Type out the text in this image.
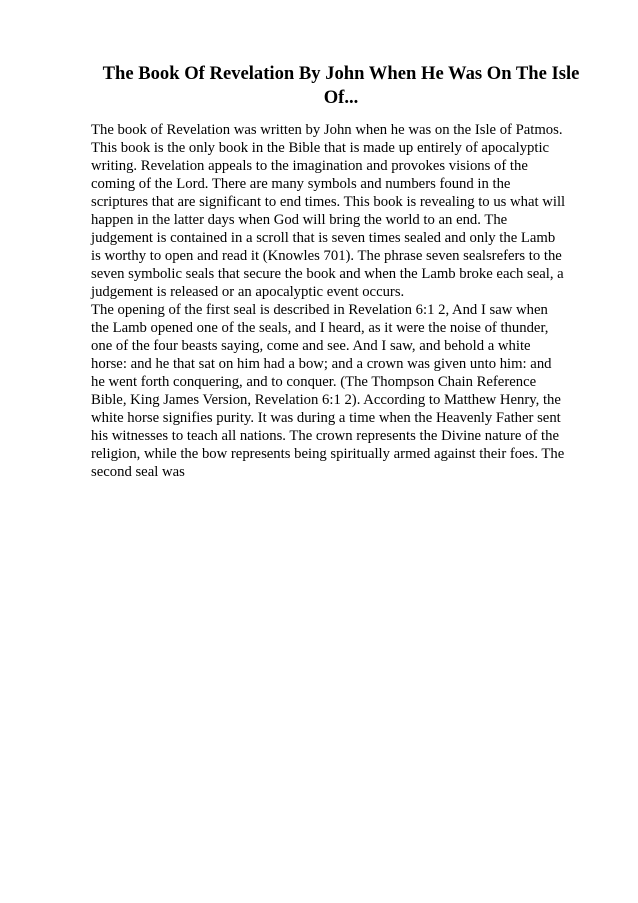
The Book Of Revelation By John When He Was On The Isle Of...

The book of Revelation was written by John when he was on the Isle of Patmos. This book is the only book in the Bible that is made up entirely of apocalyptic writing. Revelation appeals to the imagination and provokes visions of the coming of the Lord. There are many symbols and numbers found in the scriptures that are significant to end times. This book is revealing to us what will happen in the latter days when God will bring the world to an end. The judgement is contained in a scroll that is seven times sealed and only the Lamb is worthy to open and read it (Knowles 701). The phrase seven sealsrefers to the seven symbolic seals that secure the book and when the Lamb broke each seal, a judgement is released or an apocalyptic event occurs.

The opening of the first seal is described in Revelation 6:1 2, And I saw when the Lamb opened one of the seals, and I heard, as it were the noise of thunder, one of the four beasts saying, come and see. And I saw, and behold a white horse: and he that sat on him had a bow; and a crown was given unto him: and he went forth conquering, and to conquer. (The Thompson Chain Reference Bible, King James Version, Revelation 6:1 2). According to Matthew Henry, the white horse signifies purity. It was during a time when the Heavenly Father sent his witnesses to teach all nations. The crown represents the Divine nature of the religion, while the bow represents being spiritually armed against their foes. The second seal was
